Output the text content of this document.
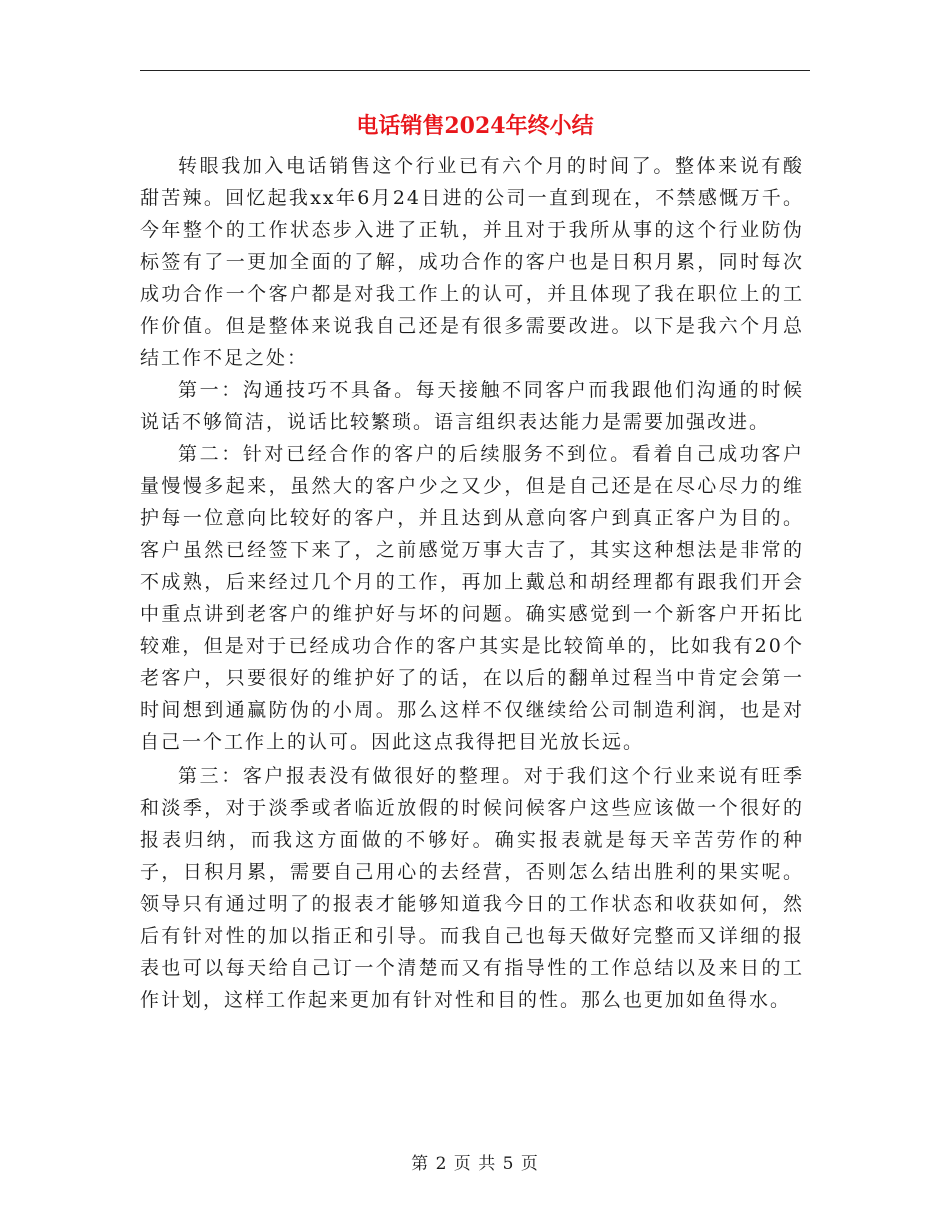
电话销售2024年终小结

转眼我加入电话销售这个行业已有六个月的时间了。整体来说有酸甜苦辣。回忆起我xx年6月24日进的公司一直到现在，不禁感慨万千。今年整个的工作状态步入进了正轨，并且对于我所从事的这个行业防伪标签有了一更加全面的了解，成功合作的客户也是日积月累，同时每次成功合作一个客户都是对我工作上的认可，并且体现了我在职位上的工作价值。但是整体来说我自己还是有很多需要改进。以下是我六个月总结工作不足之处：

第一：沟通技巧不具备。每天接触不同客户而我跟他们沟通的时候说话不够简洁，说话比较繁琐。语言组织表达能力是需要加强改进。

第二：针对已经合作的客户的后续服务不到位。看着自己成功客户量慢慢多起来，虽然大的客户少之又少，但是自己还是在尽心尽力的维护每一位意向比较好的客户，并且达到从意向客户到真正客户为目的。客户虽然已经签下来了，之前感觉万事大吉了，其实这种想法是非常的不成熟，后来经过几个月的工作，再加上戴总和胡经理都有跟我们开会中重点讲到老客户的维护好与坏的问题。确实感觉到一个新客户开拓比较难，但是对于已经成功合作的客户其实是比较简单的，比如我有20个老客户，只要很好的维护好了的话，在以后的翻单过程当中肯定会第一时间想到通赢防伪的小周。那么这样不仅继续给公司制造利润，也是对自己一个工作上的认可。因此这点我得把目光放长远。

第三：客户报表没有做很好的整理。对于我们这个行业来说有旺季和淡季，对于淡季或者临近放假的时候问候客户这些应该做一个很好的报表归纳，而我这方面做的不够好。确实报表就是每天辛苦劳作的种子，日积月累，需要自己用心的去经营，否则怎么结出胜利的果实呢。领导只有通过明了的报表才能够知道我今日的工作状态和收获如何，然后有针对性的加以指正和引导。而我自己也每天做好完整而又详细的报表也可以每天给自己订一个清楚而又有指导性的工作总结以及来日的工作计划，这样工作起来更加有针对性和目的性。那么也更加如鱼得水。

第 2 页 共 5 页
